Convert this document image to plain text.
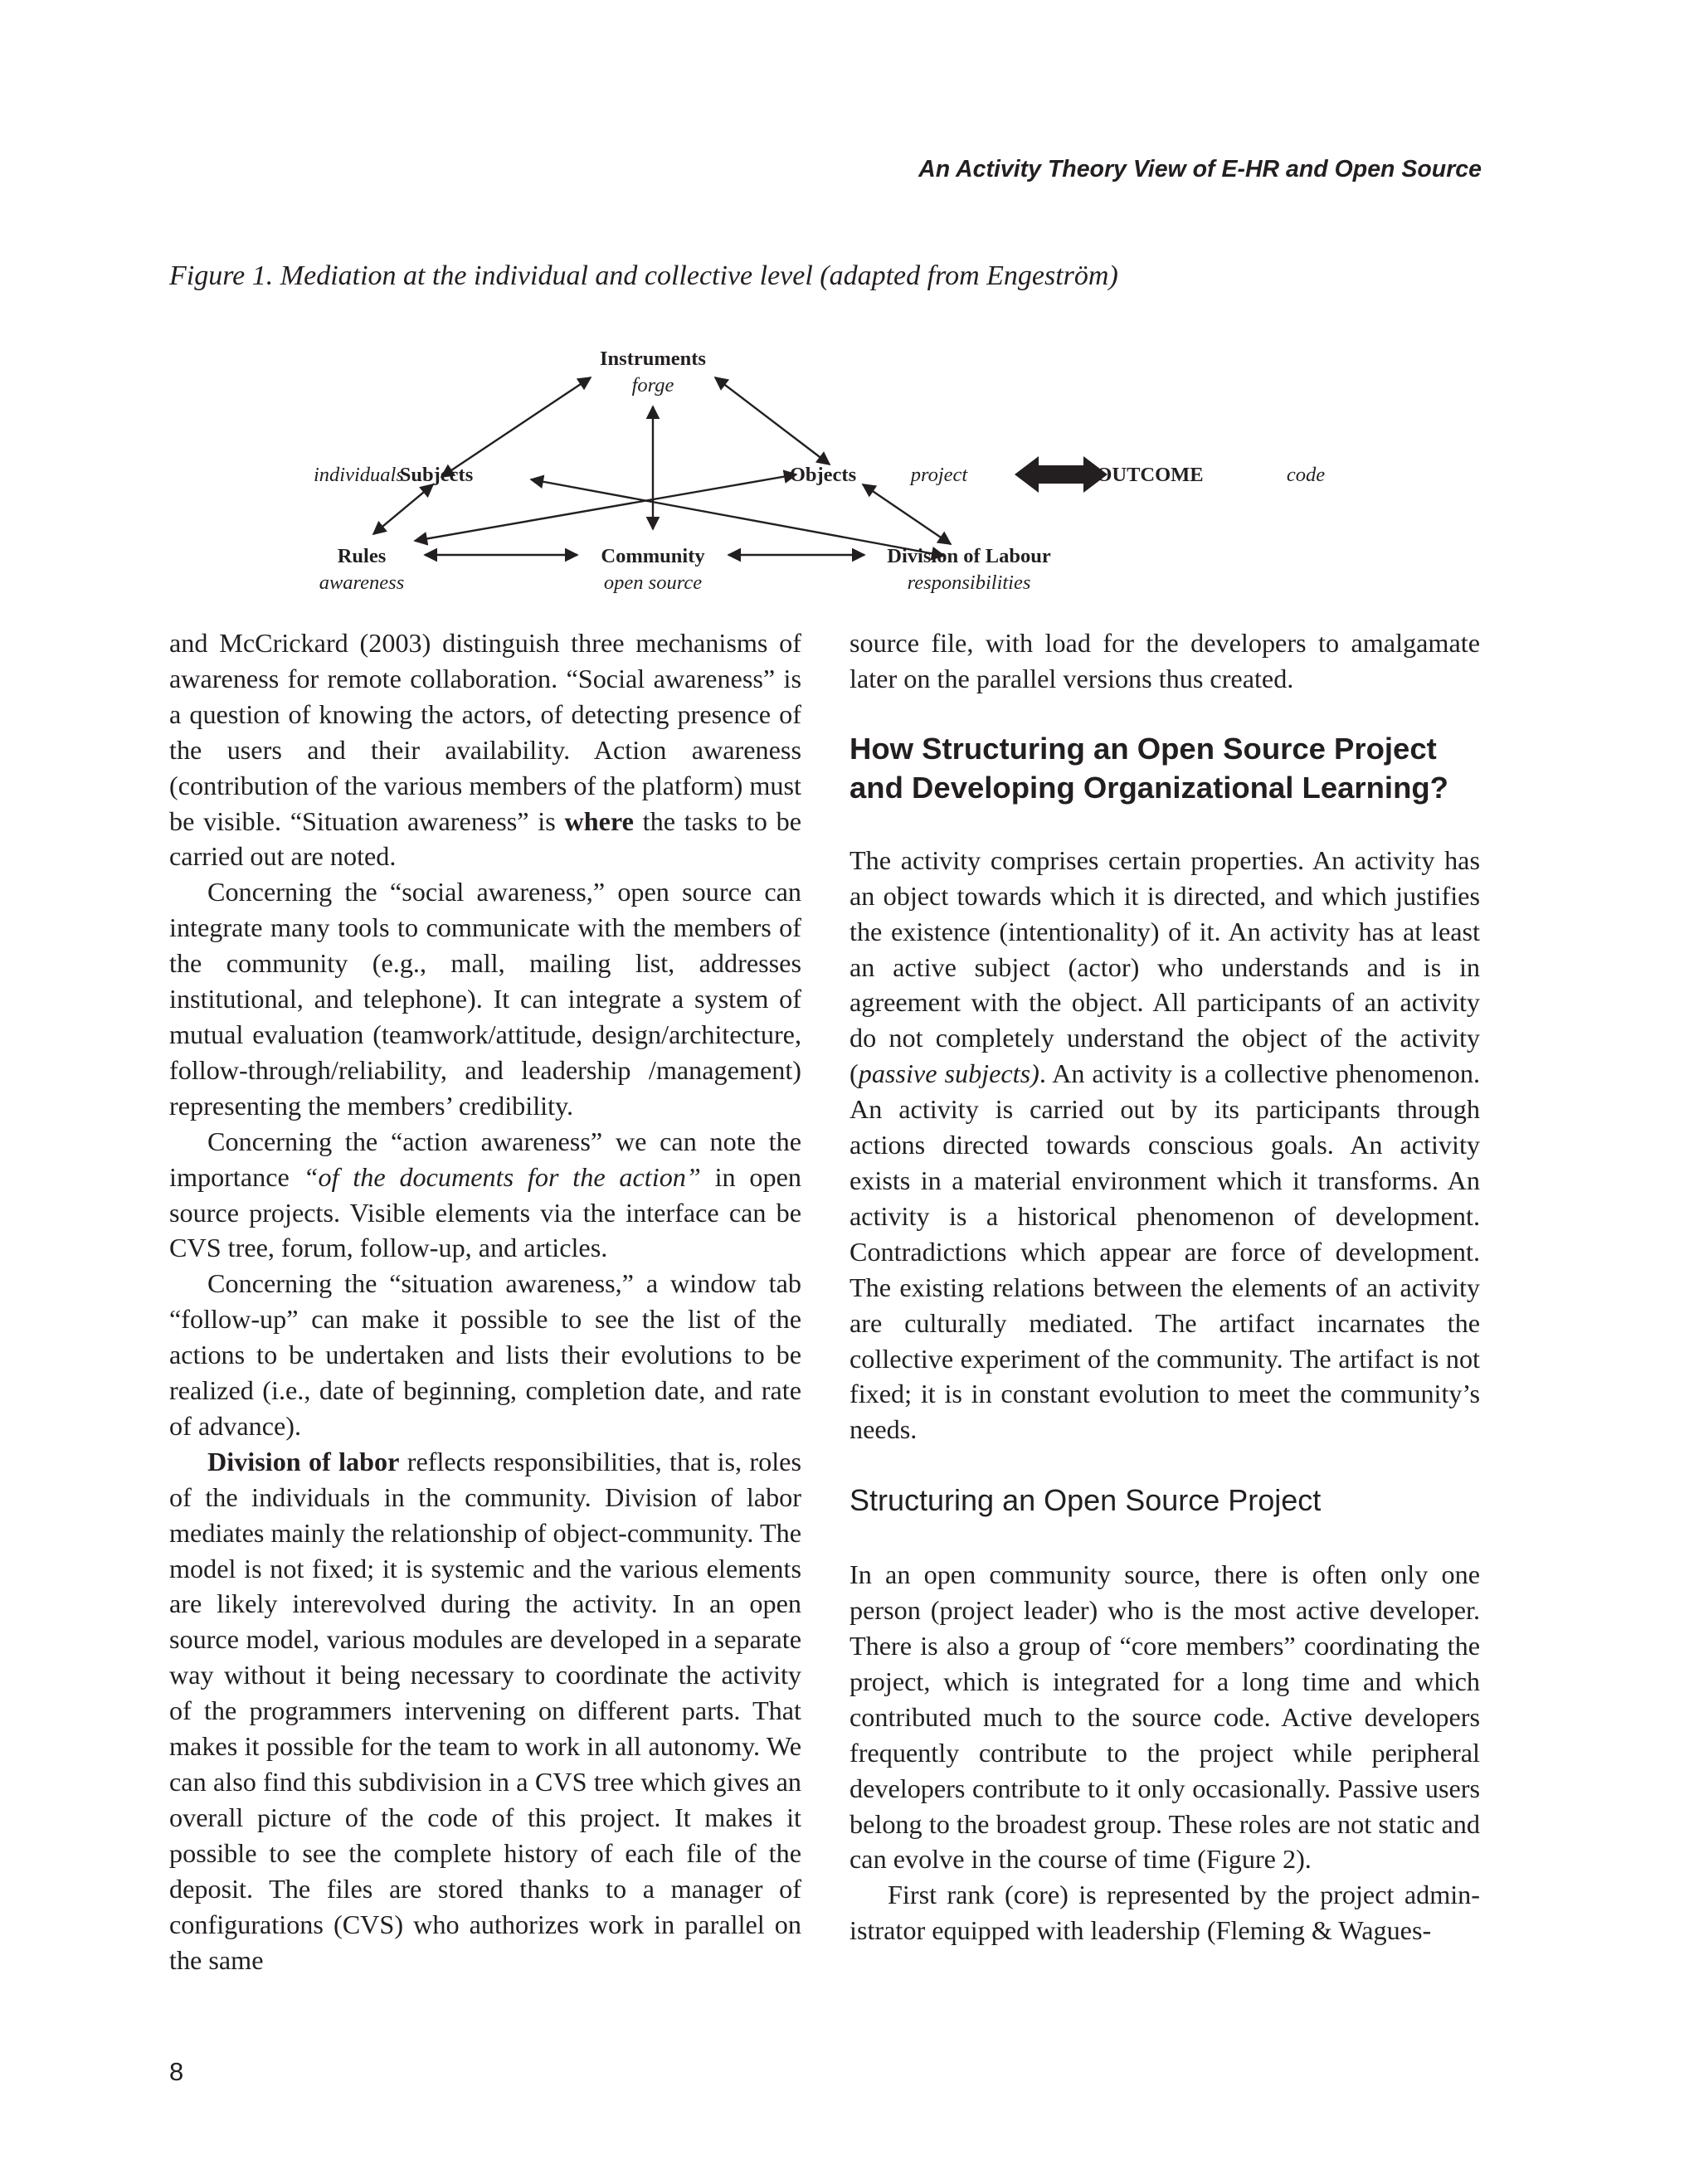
An Activity Theory View of E-HR and Open Source
Figure 1. Mediation at the individual and collective level (adapted from Engeström)
Instruments
forge
individuals
Subjects	Objects	project	OUTCOME	code
Rules
awareness
Community
open source
Division of Labour
responsibilities

and McCrickard (2003) distinguish three mechanisms of awareness for remote collaboration. “Social awareness” is a question of knowing the actors, of detecting presence of the users and their availability. Action awareness (contribution of the various members of the platform) must be visible. “Situation awareness” is where the tasks to be carried out are noted.

Concerning the “social awareness,” open source can integrate many tools to communicate with the members of the community (e.g., mall, mailing list, addresses institutional, and telephone). It can integrate a system of mutual evaluation (teamwork/attitude, design/architecture, follow-through/reliability, and leadership /management) representing the members’ credibility.

Concerning the “action awareness” we can note the importance “of the documents for the action” in open source projects. Visible elements via the interface can be CVS tree, forum, follow-up, and articles.

Concerning the “situation awareness,” a window tab “follow-up” can make it possible to see the list of the actions to be undertaken and lists their evolutions to be realized (i.e., date of beginning, completion date, and rate of advance).

Division of labor reflects responsibilities, that is, roles of the individuals in the community. Division of labor mediates mainly the relationship of object-community. The model is not fixed; it is systemic and the various elements are likely interevolved during the activity. In an open source model, various modules are developed in a separate way without it being necessary to coordinate the activity of the programmers intervening on different parts. That makes it possible for the team to work in all autonomy. We can also find this subdivision in a CVS tree which gives an overall picture of the code of this project. It makes it possible to see the complete history of each file of the deposit. The files are stored thanks to a manager of configurations (CVS) who authorizes work in parallel on the same

source file, with load for the developers to amalgamate later on the parallel versions thus created.

How Structuring an Open Source Project and Developing Organizational Learning?

The activity comprises certain properties. An activity has an object towards which it is directed, and which justifies the existence (intentionality) of it. An activity has at least an active subject (actor) who understands and is in agreement with the object. All participants of an activity do not completely understand the object of the activity (passive subjects). An activity is a collective phenomenon. An activity is carried out by its participants through actions directed towards conscious goals. An activity exists in a material environment which it transforms. An activity is a historical phenomenon of development. Contradictions which appear are force of development. The existing relations between the elements of an activity are culturally mediated. The artifact incarnates the collective experiment of the community. The artifact is not fixed; it is in constant evolution to meet the community’s needs.

Structuring an Open Source Project

In an open community source, there is often only one person (project leader) who is the most active developer. There is also a group of “core members” coordinating the project, which is integrated for a long time and which contributed much to the source code. Active developers frequently contribute to the project while peripheral developers contribute to it only occasionally. Passive users belong to the broadest group. These roles are not static and can evolve in the course of time (Figure 2).

First rank (core) is represented by the project administrator equipped with leadership (Fleming & Wagues-

8
